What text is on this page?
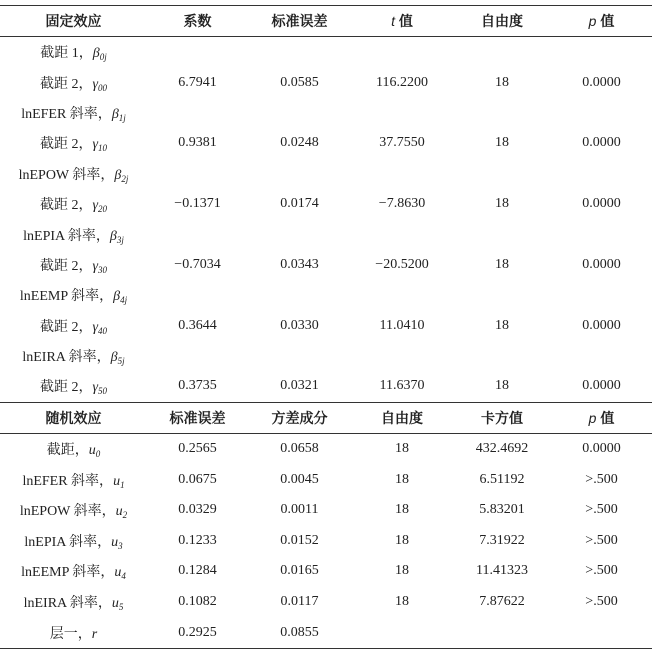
固定效应	系数	标准误差	t 值	自由度	p 值
截距 1，$\beta_{0j}$					
截距 2，$\gamma_{00}$	6.7941	0.0585	116.2200	18	0.0000
lnEFER 斜率，$\beta_{1j}$					
截距 2，$\gamma_{10}$	0.9381	0.0248	37.7550	18	0.0000
lnEPOW 斜率，$\beta_{2j}$					
截距 2，$\gamma_{20}$	−0.1371	0.0174	−7.8630	18	0.0000
lnEPIA 斜率，$\beta_{3j}$					
截距 2，$\gamma_{30}$	−0.7034	0.0343	−20.5200	18	0.0000
lnEEMP 斜率，$\beta_{4j}$					
截距 2，$\gamma_{40}$	0.3644	0.0330	11.0410	18	0.0000
lnEIRA 斜率，$\beta_{5j}$					
截距 2，$\gamma_{50}$	0.3735	0.0321	11.6370	18	0.0000
随机效应	标准误差	方差成分	自由度	卡方值	p 值
截距，$u_0$	0.2565	0.0658	18	432.4692	0.0000
lnEFER 斜率，$u_1$	0.0675	0.0045	18	6.51192	>.500
lnEPOW 斜率，$u_2$	0.0329	0.0011	18	5.83201	>.500
lnEPIA 斜率，$u_3$	0.1233	0.0152	18	7.31922	>.500
lnEEMP 斜率，$u_4$	0.1284	0.0165	18	11.41323	>.500
lnEIRA 斜率，$u_5$	0.1082	0.0117	18	7.87622	>.500
层一，r	0.2925	0.0855			
